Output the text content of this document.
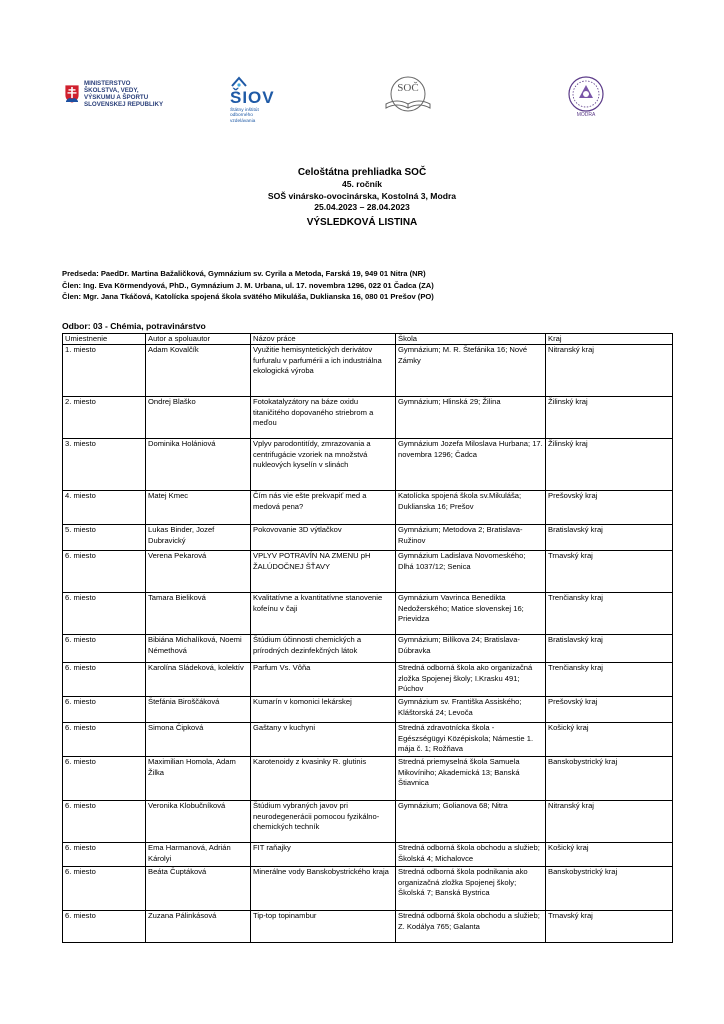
MINISTERSTVO
ŠKOLSTVA, VEDY,
VÝSKUMU A ŠPORTU
SLOVENSKEJ REPUBLIKY	ŠIOV
Štátny inštitút
odborného
vzdelávania
SOČ
MODRA
Celoštátna prehliadka SOČ
45. ročník
SOŠ vinársko-ovocinárska, Kostolná 3, Modra
25.04.2023 – 28.04.2023
VÝSLEDKOVÁ LISTINA
Predseda: PaedDr. Martina Bažaličková, Gymnázium sv. Cyrila a Metoda, Farská 19, 949 01 Nitra (NR)
Člen: Ing. Eva Körmendyová, PhD., Gymnázium J. M. Urbana, ul. 17. novembra 1296, 022 01 Čadca (ZA)
Člen: Mgr. Jana Tkáčová, Katolícka spojená škola svätého Mikuláša, Duklianska 16, 080 01 Prešov (PO)
Odbor: 03 - Chémia, potravinárstvo
Umiestnenie	Autor a spoluautor	Názov práce	Škola	Kraj
1. miesto	Adam Kovalčík	Využitie hemisyntetických derivátov furfuralu v parfumérii a ich industriálna ekologická výroba	Gymnázium; M. R. Štefánika 16; Nové Zámky	Nitranský kraj
2. miesto	Ondrej Blaško	Fotokatalyzátory na báze oxidu titaničitého dopovaného striebrom a meďou	Gymnázium; Hlinská 29; Žilina	Žilinský kraj
3. miesto	Dominika Holániová	Vplyv parodontitídy, zmrazovania a centrifugácie vzoriek na množstvá nukleových kyselín v slinách	Gymnázium Jozefa Miloslava Hurbana; 17. novembra 1296; Čadca	Žilinský kraj
4. miesto	Matej Kmec	Čím nás vie ešte prekvapiť med a medová pena?	Katolícka spojená škola sv.Mikuláša; Duklianska 16; Prešov	Prešovský kraj
5. miesto	Lukas Binder, Jozef Dubravický	Pokovovanie 3D výtlačkov	Gymnázium; Metodova 2; Bratislava-Ružinov	Bratislavský kraj
6. miesto	Verena Pekarová	VPLYV POTRAVÍN NA ZMENU pH ŽALÚDOČNEJ ŠŤAVY	Gymnázium Ladislava Novomeského; Dlhá 1037/12; Senica	Trnavský kraj
6. miesto	Tamara Bieliková	Kvalitatívne a kvantitatívne stanovenie kofeínu v čaji	Gymnázium Vavrinca Benedikta Nedožerského; Matice slovenskej 16; Prievidza	Trenčiansky kraj
6. miesto	Bibiána Michalíková, Noemi Némethová	Štúdium účinnosti chemických a prírodných dezinfekčných látok	Gymnázium; Bilíkova 24; Bratislava-Dúbravka	Bratislavský kraj
6. miesto	Karolína Sládeková, kolektív	Parfum Vs. Vôňa	Stredná odborná škola ako organizačná zložka Spojenej školy; I.Krasku 491; Púchov	Trenčiansky kraj
6. miesto	Štefánia Biroščáková	Kumarín v komonici lekárskej	Gymnázium sv. Františka Assiského; Kláštorská 24; Levoča	Prešovský kraj
6. miesto	Simona Čipková	Gaštany v kuchyni	Stredná zdravotnícka škola - Egészségügyi Középiskola; Námestie 1. mája č. 1; Rožňava	Košický kraj
6. miesto	Maximilian Homola, Adam Žilka	Karotenoidy z kvasinky R. glutinis	Stredná priemyselná škola Samuela Mikovíniho; Akademická 13; Banská Štiavnica	Banskobystrický kraj
6. miesto	Veronika Klobučníková	Štúdium vybraných javov pri neurodegenerácii pomocou fyzikálno-chemických techník	Gymnázium; Golianova 68; Nitra	Nitranský kraj
6. miesto	Ema Harmanová, Adrián Károlyi	FIT raňajky	Stredná odborná škola obchodu a služieb; Školská 4; Michalovce	Košický kraj
6. miesto	Beáta Čuptáková	Minerálne vody Banskobystrického kraja	Stredná odborná škola podnikania ako organizačná zložka Spojenej školy; Školská 7; Banská Bystrica	Banskobystrický kraj
6. miesto	Zuzana Pálinkásová	Tip-top topinambur	Stredná odborná škola obchodu a služieb; Z. Kodálya 765; Galanta	Trnavský kraj
